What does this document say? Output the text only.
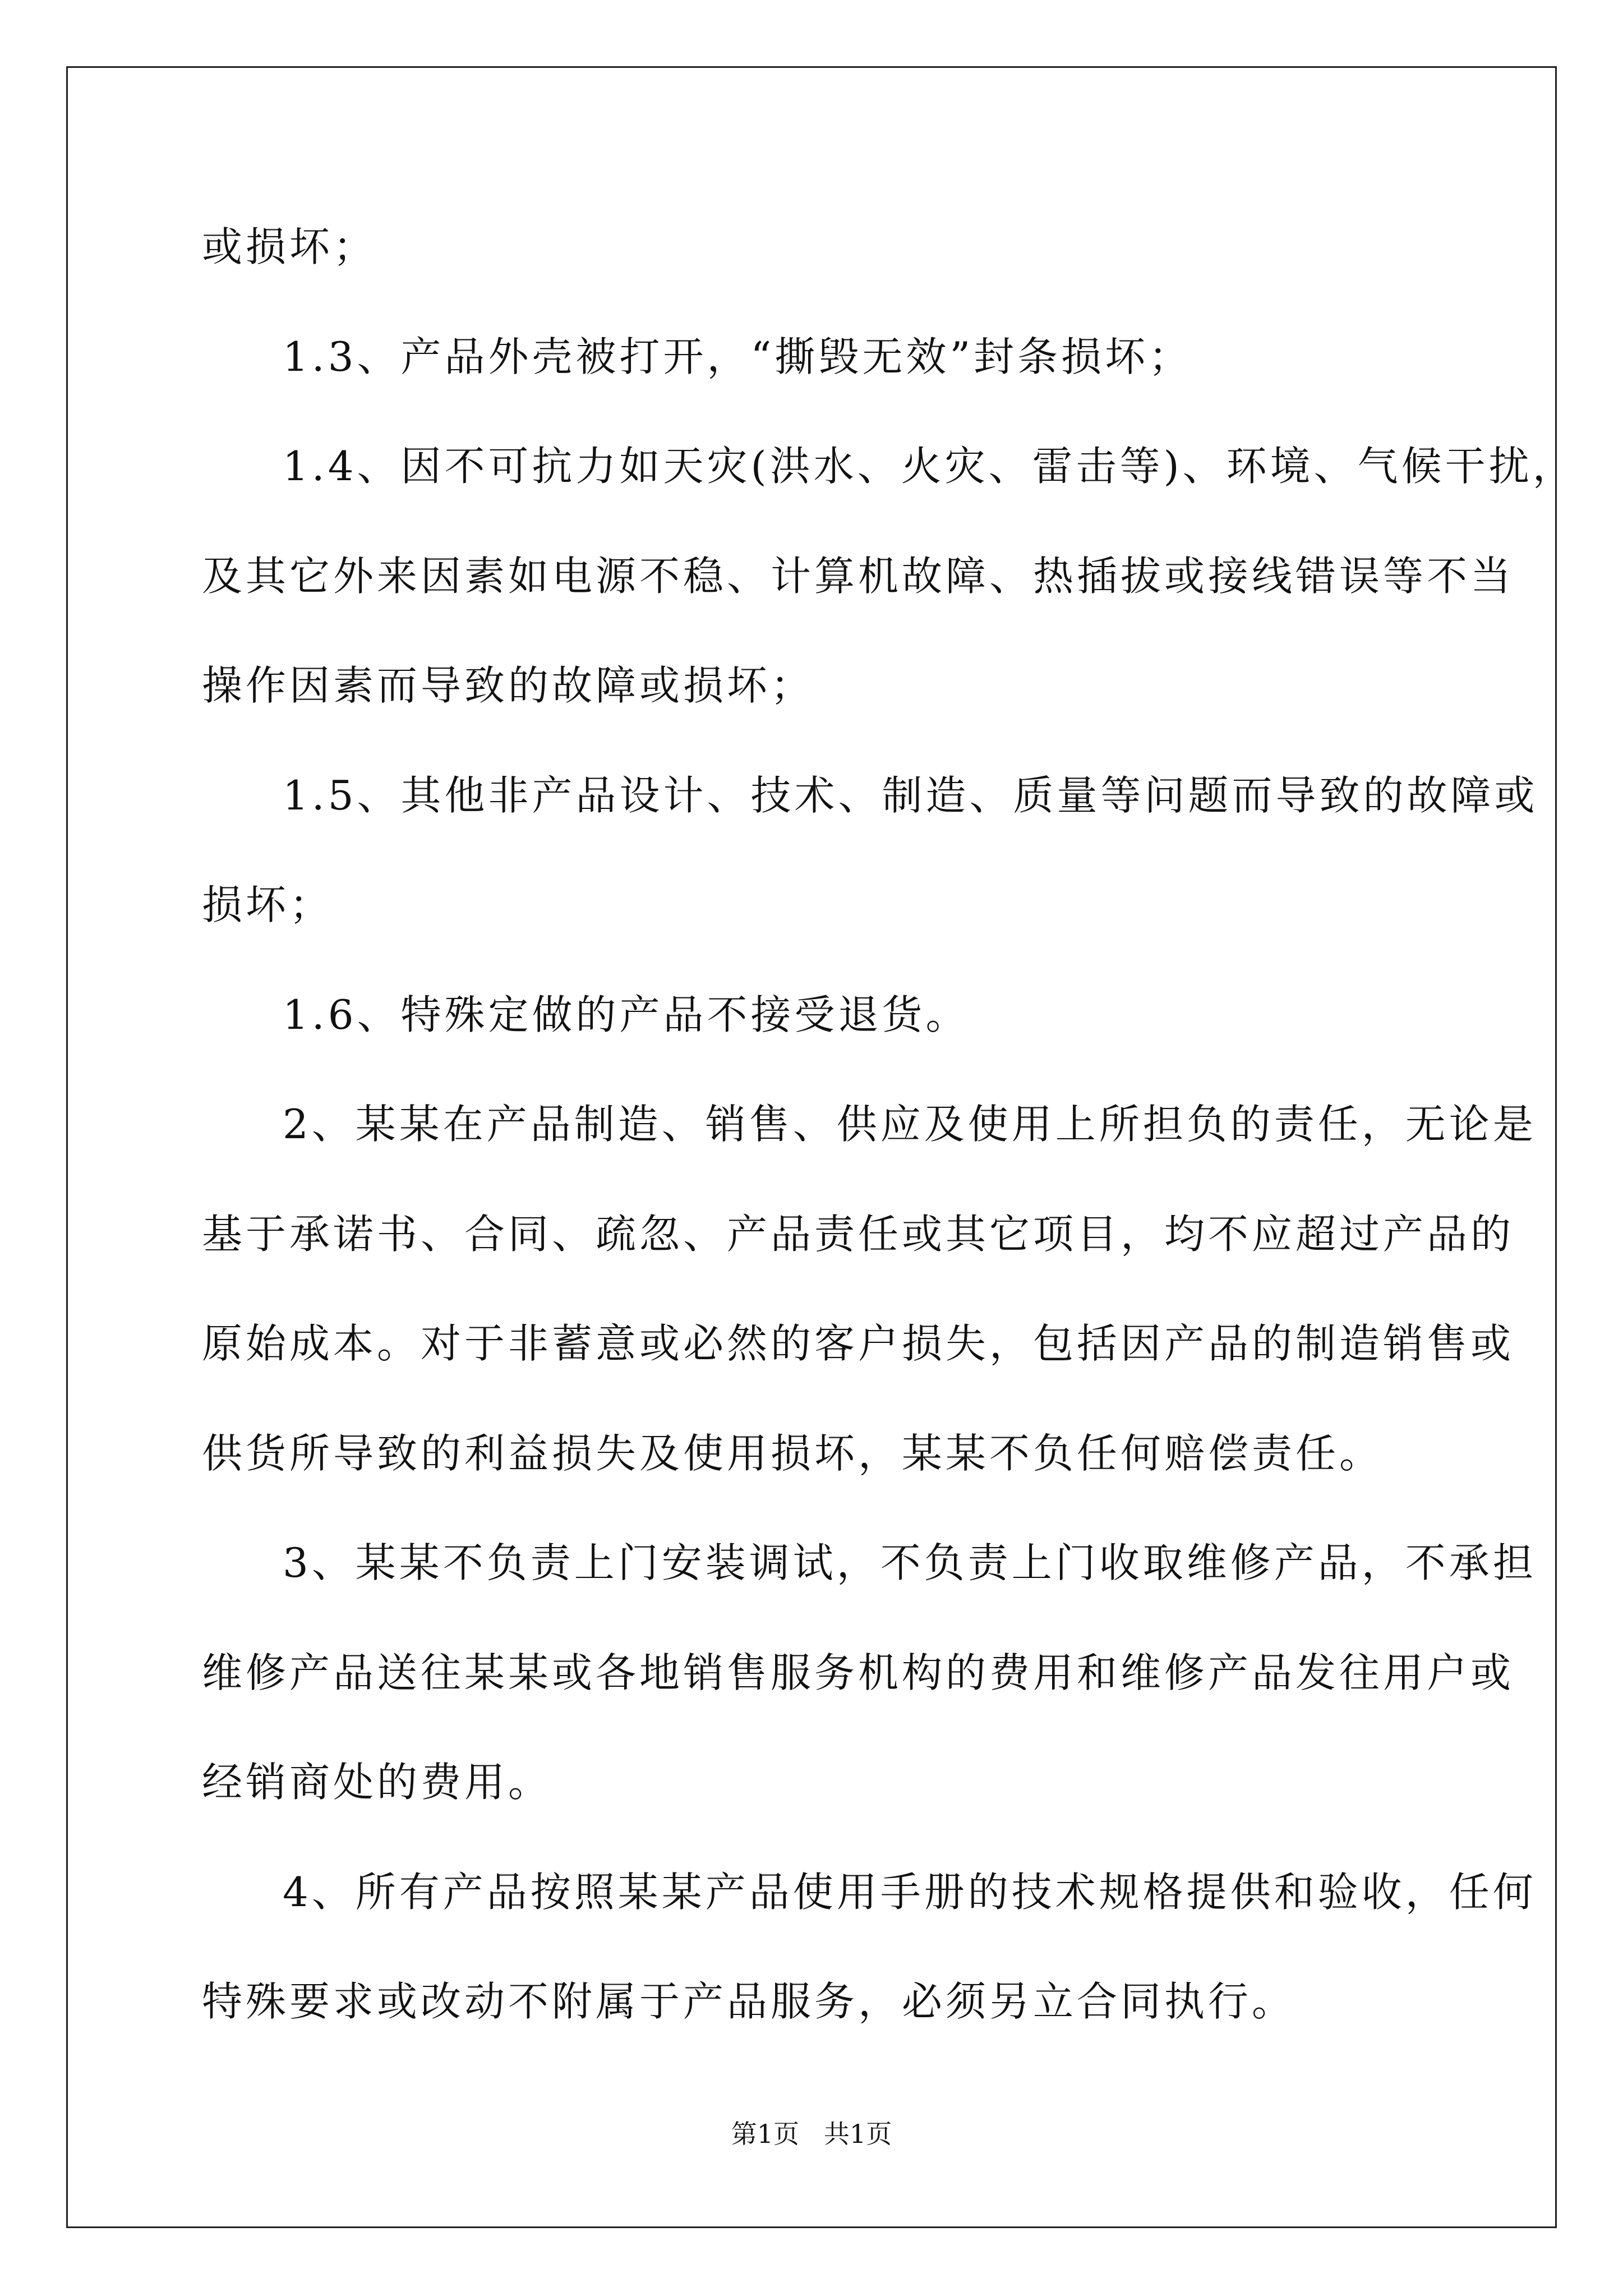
或损坏；
1.3、产品外壳被打开，“撕毁无效”封条损坏；
1.4、因不可抗力如天灾(洪水、火灾、雷击等)、环境、气候干扰，
及其它外来因素如电源不稳、计算机故障、热插拔或接线错误等不当
操作因素而导致的故障或损坏；
1.5、其他非产品设计、技术、制造、质量等问题而导致的故障或
损坏；
1.6、特殊定做的产品不接受退货。
2、某某在产品制造、销售、供应及使用上所担负的责任，无论是
基于承诺书、合同、疏忽、产品责任或其它项目，均不应超过产品的
原始成本。对于非蓄意或必然的客户损失，包括因产品的制造销售或
供货所导致的利益损失及使用损坏，某某不负任何赔偿责任。
3、某某不负责上门安装调试，不负责上门收取维修产品，不承担
维修产品送往某某或各地销售服务机构的费用和维修产品发往用户或
经销商处的费用。
4、所有产品按照某某产品使用手册的技术规格提供和验收，任何
特殊要求或改动不附属于产品服务，必须另立合同执行。
第1页   共1页
